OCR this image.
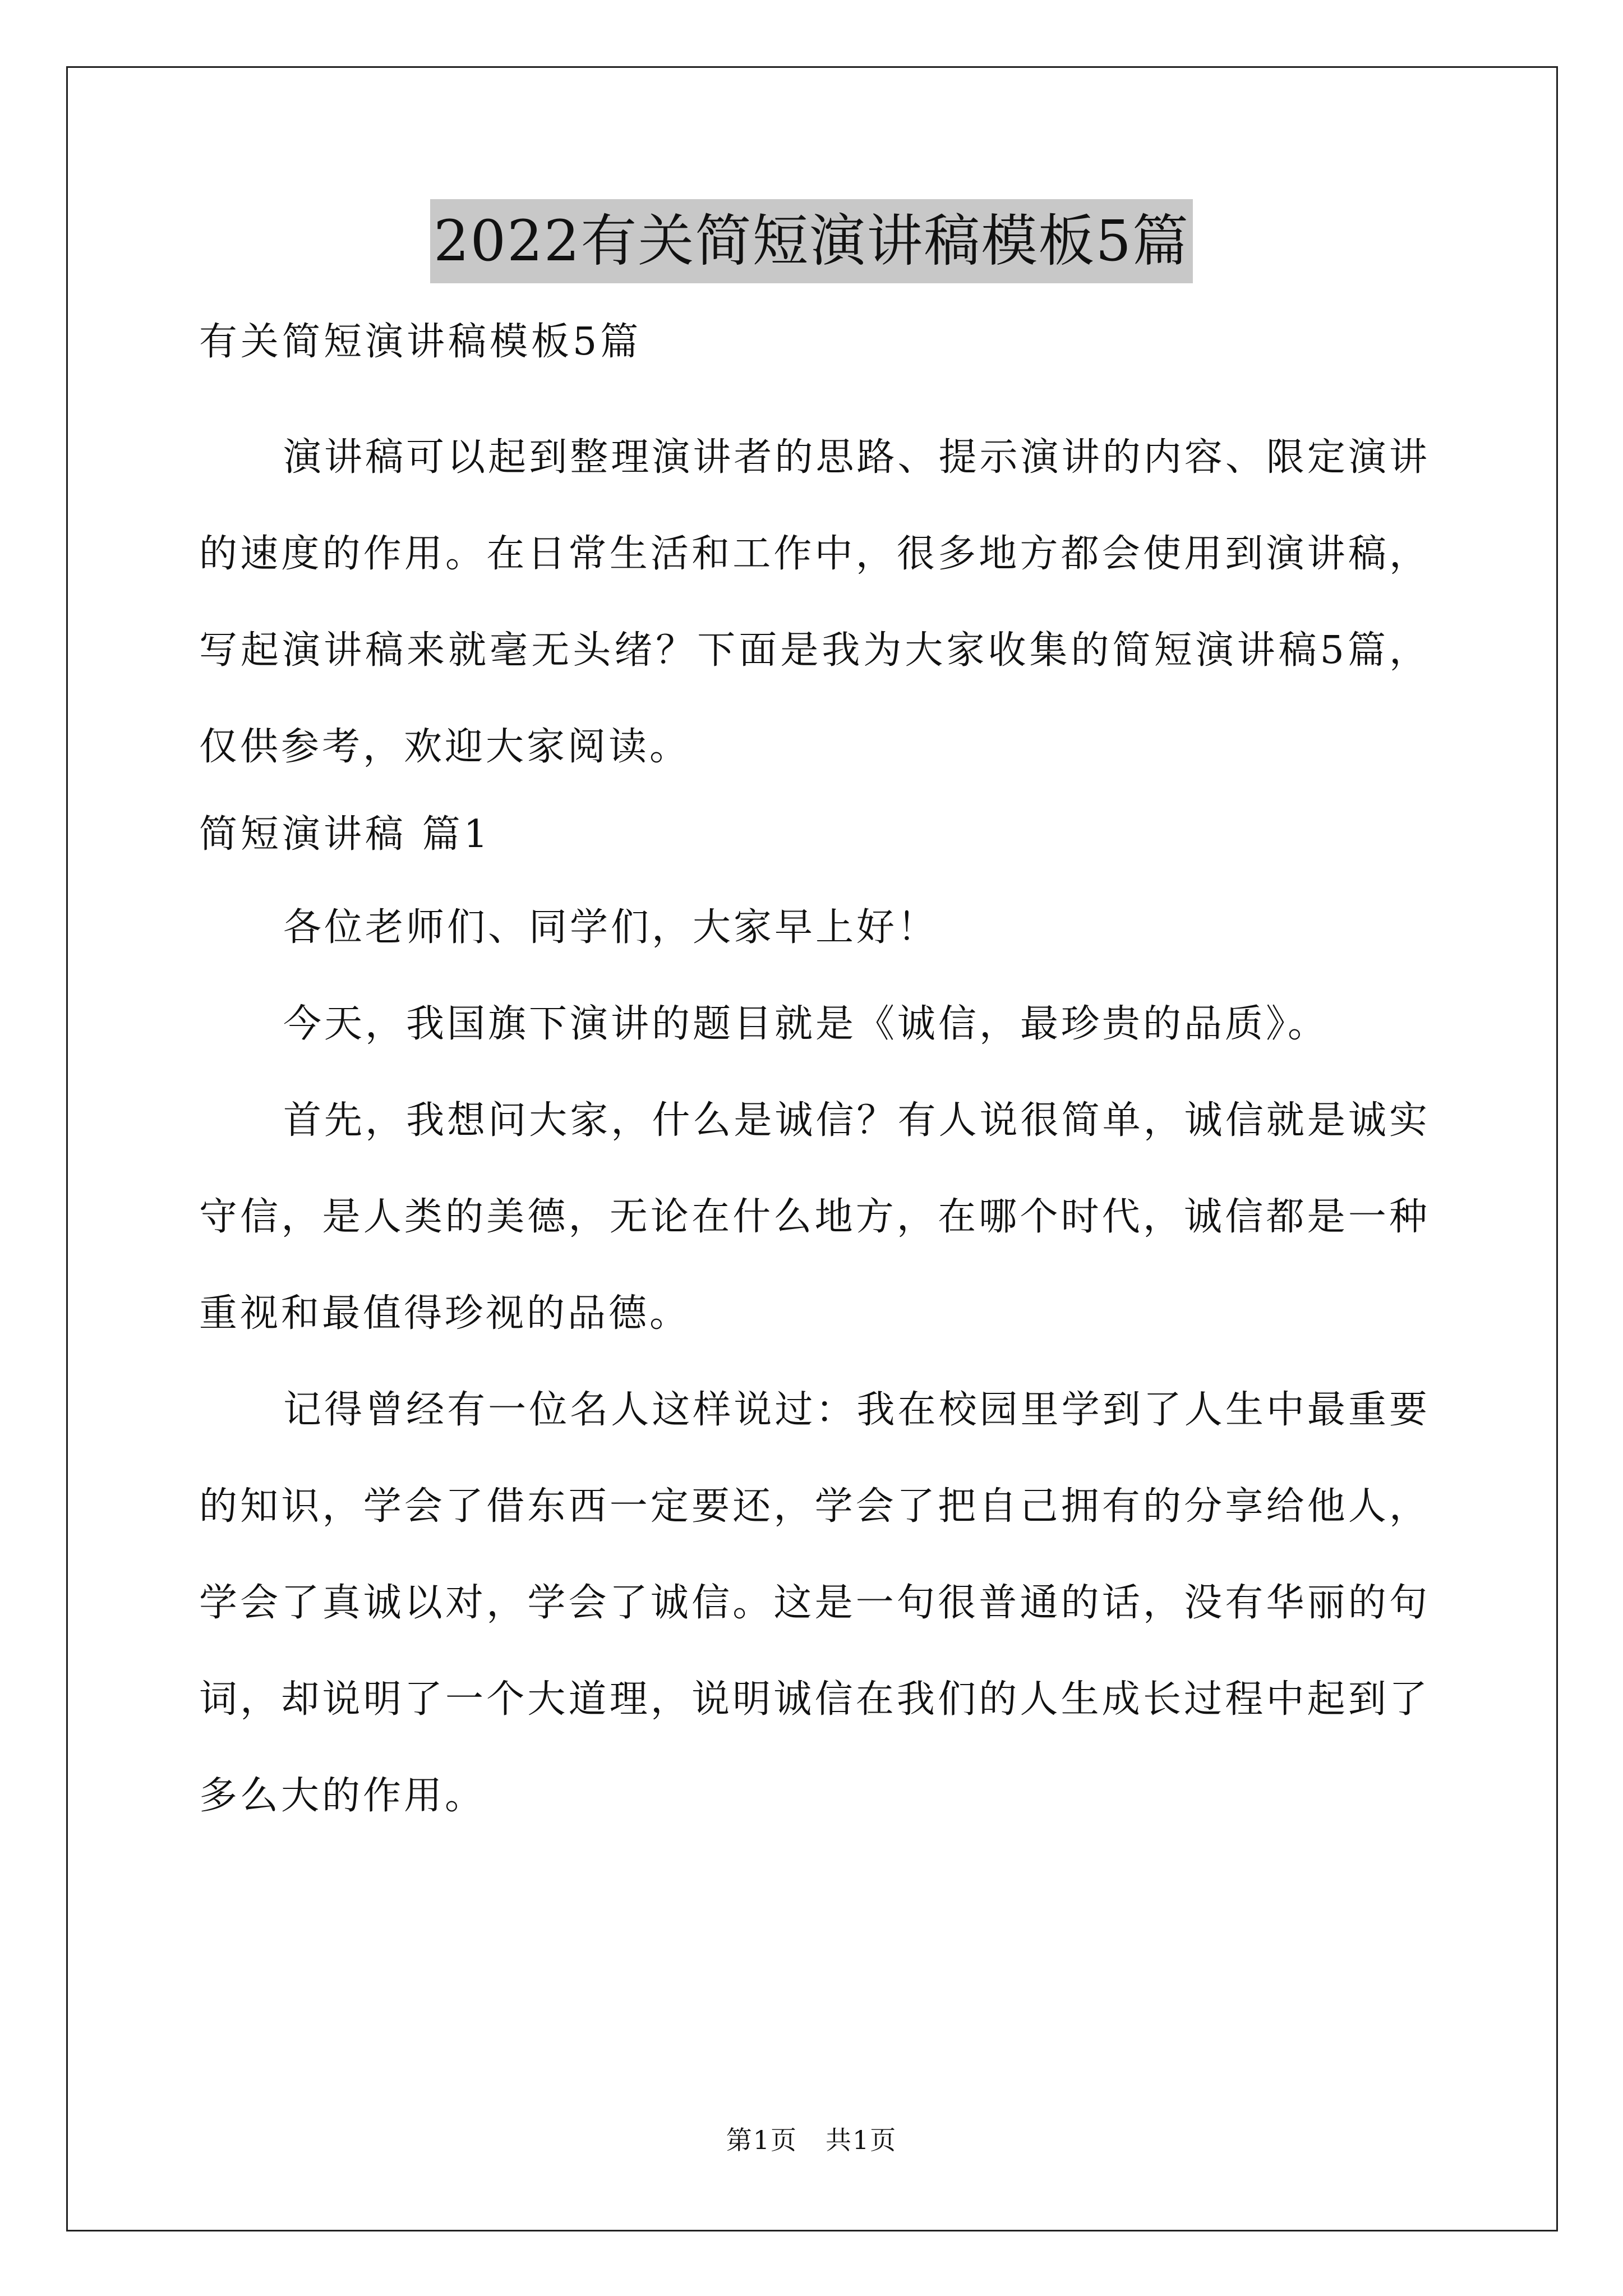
2022有关简短演讲稿模板5篇
有关简短演讲稿模板5篇

演讲稿可以起到整理演讲者的思路、提示演讲的内容、限定演讲的速度的作用。在日常生活和工作中，很多地方都会使用到演讲稿，写起演讲稿来就毫无头绪？下面是我为大家收集的简短演讲稿5篇，仅供参考，欢迎大家阅读。

简短演讲稿 篇1

各位老师们、同学们，大家早上好！

今天，我国旗下演讲的题目就是《诚信，最珍贵的品质》。

首先，我想问大家，什么是诚信？有人说很简单，诚信就是诚实守信，是人类的美德，无论在什么地方，在哪个时代，诚信都是一种重视和最值得珍视的品德。

记得曾经有一位名人这样说过：我在校园里学到了人生中最重要的知识，学会了借东西一定要还，学会了把自己拥有的分享给他人，学会了真诚以对，学会了诚信。这是一句很普通的话，没有华丽的句词，却说明了一个大道理，说明诚信在我们的人生成长过程中起到了多么大的作用。

第1页 共1页
